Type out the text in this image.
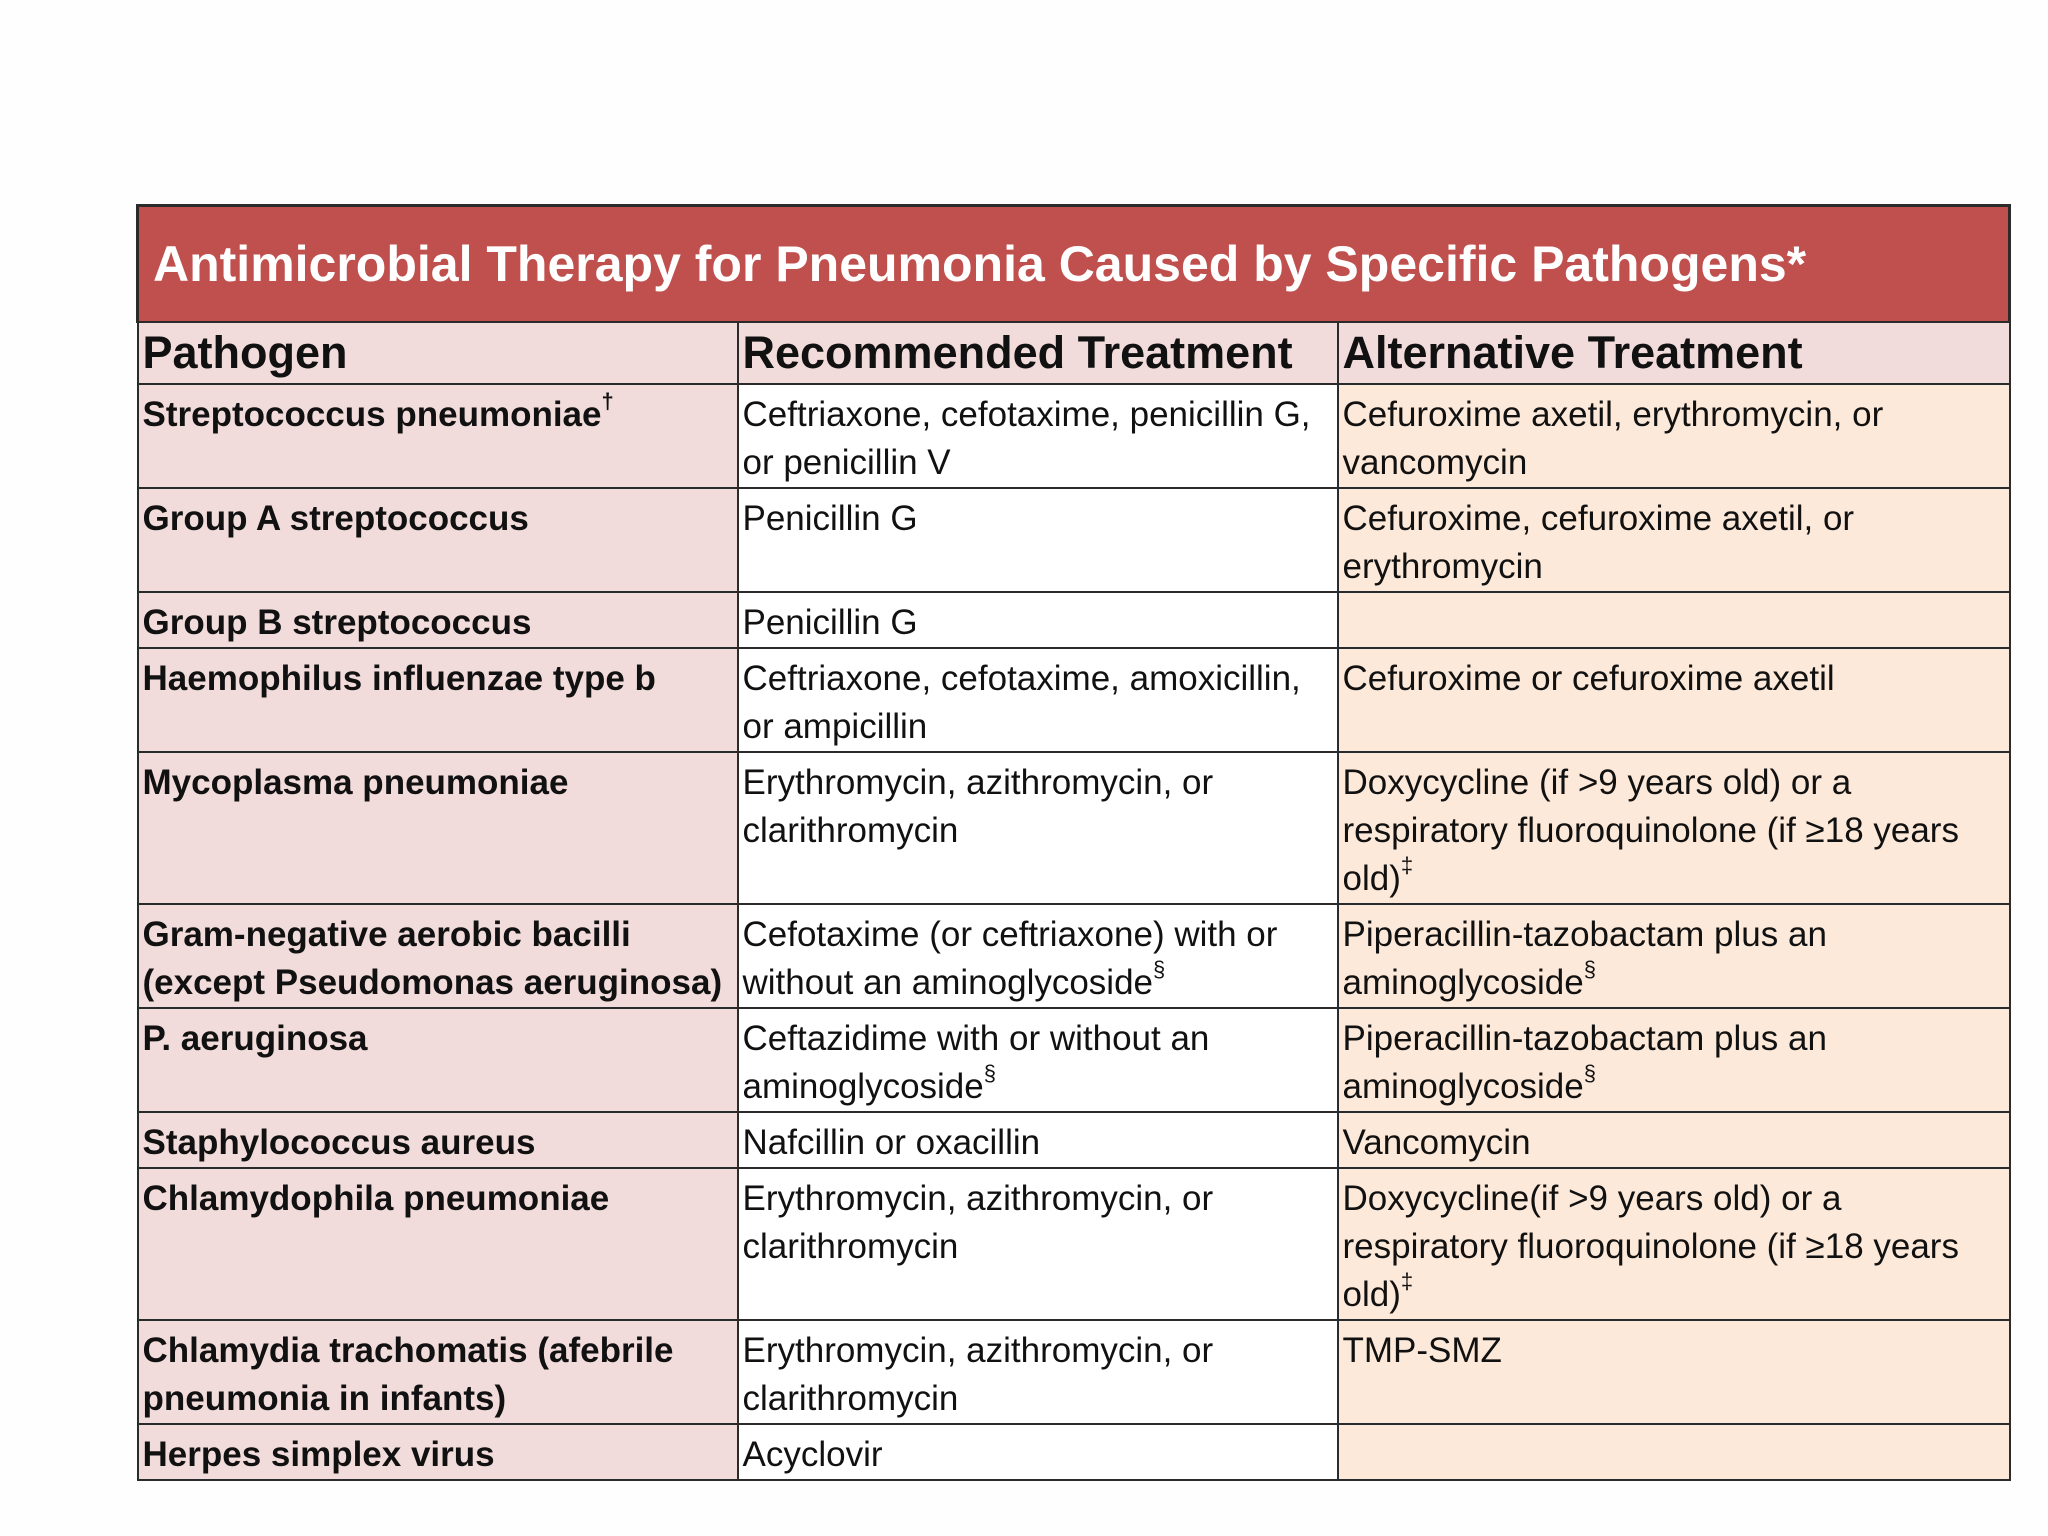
Antimicrobial Therapy for Pneumonia Caused by Specific Pathogens*		
Pathogen	Recommended Treatment	Alternative Treatment
Streptococcus pneumoniae†	Ceftriaxone, cefotaxime, penicillin G, or penicillin V	Cefuroxime axetil, erythromycin, or vancomycin
Group A streptococcus	Penicillin G	Cefuroxime, cefuroxime axetil, or erythromycin
Group B streptococcus	Penicillin G	
Haemophilus influenzae type b	Ceftriaxone, cefotaxime, amoxicillin, or ampicillin	Cefuroxime or cefuroxime axetil
Mycoplasma pneumoniae	Erythromycin, azithromycin, or clarithromycin	Doxycycline (if >9 years old) or a respiratory fluoroquinolone (if ≥18 years old)‡
Gram-negative aerobic bacilli (except Pseudomonas aeruginosa)	Cefotaxime (or ceftriaxone) with or without an aminoglycoside§	Piperacillin-tazobactam plus an aminoglycoside§
P. aeruginosa	Ceftazidime with or without an aminoglycoside§	Piperacillin-tazobactam plus an aminoglycoside§
Staphylococcus aureus	Nafcillin or oxacillin	Vancomycin
Chlamydophila pneumoniae	Erythromycin, azithromycin, or clarithromycin	Doxycycline(if >9 years old) or a respiratory fluoroquinolone (if ≥18 years old)‡
Chlamydia trachomatis (afebrile pneumonia in infants)	Erythromycin, azithromycin, or clarithromycin	TMP-SMZ
Herpes simplex virus	Acyclovir	
